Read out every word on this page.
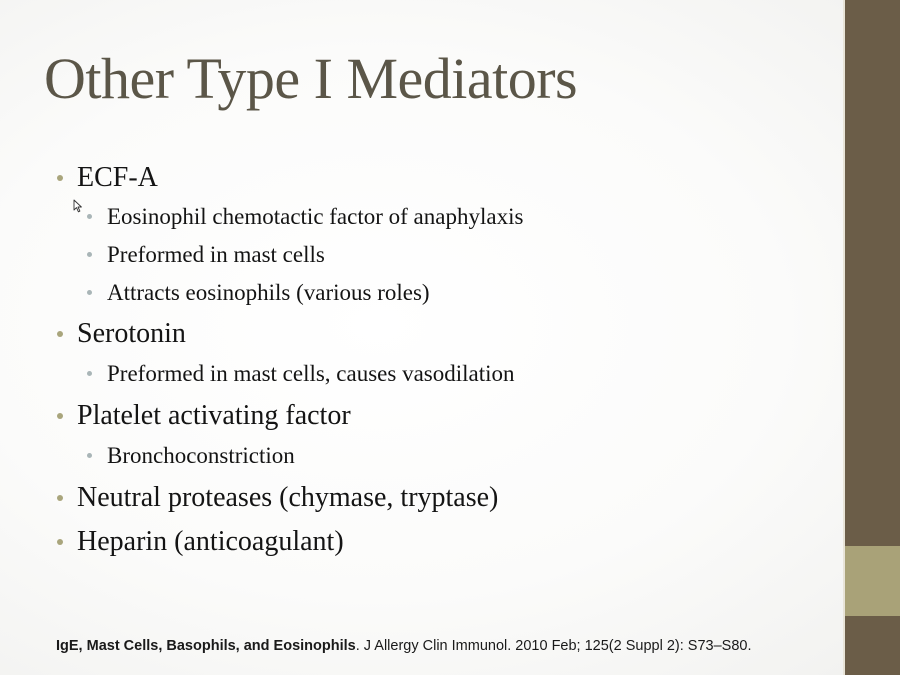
Other Type I Mediators
ECF-A
Eosinophil chemotactic factor of anaphylaxis
Preformed in mast cells
Attracts eosinophils (various roles)
Serotonin
Preformed in mast cells, causes vasodilation
Platelet activating factor
Bronchoconstriction
Neutral proteases (chymase, tryptase)
Heparin (anticoagulant)
IgE, Mast Cells, Basophils, and Eosinophils. J Allergy Clin Immunol. 2010 Feb; 125(2 Suppl 2): S73–S80.
